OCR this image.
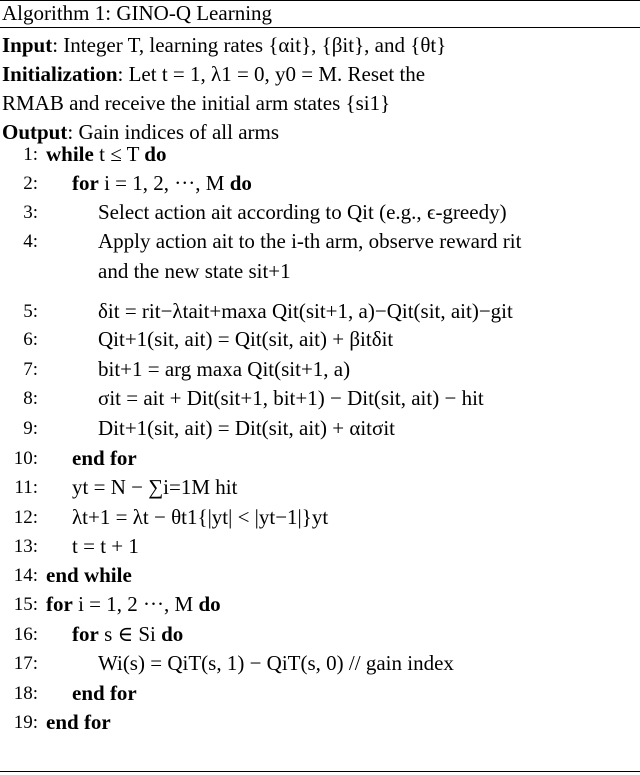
Algorithm 1: GINO-Q Learning
Input: Integer T, learning rates {αit}, {βit}, and {θt}
Initialization: Let t = 1, λ1 = 0, y0 = M. Reset the
RMAB and receive the initial arm states {si1}
Output: Gain indices of all arms
1: while t ≤ T do
2: for i = 1, 2, ···, M do
3:	Select action ait according to Qit (e.g., ϵ-greedy)
4:	Apply action ait to the i-th arm, observe reward rit
and the new state sit+1
5:	δit = rit−λtait+maxa Qit(sit+1, a)−Qit(sit, ait)−git
6:	Qit+1(sit, ait) = Qit(sit, ait) + βitδit
7:	bit+1 = arg maxa Qit(sit+1, a)
8:	σit = ait + Dit(sit+1, bit+1) − Dit(sit, ait) − hit
9:	Dit+1(sit, ait) = Dit(sit, ait) + αitσit
10: end for
11: yt = N − ∑i=1M hit
12: λt+1 = λt − θt1{|yt| < |yt−1|}yt
13: t = t + 1
14: end while
15: for i = 1, 2 ···, M do
16: for s ∈ Si do
17:	Wi(s) = QiT(s, 1) − QiT(s, 0) // gain index
18: end for
19: end for
